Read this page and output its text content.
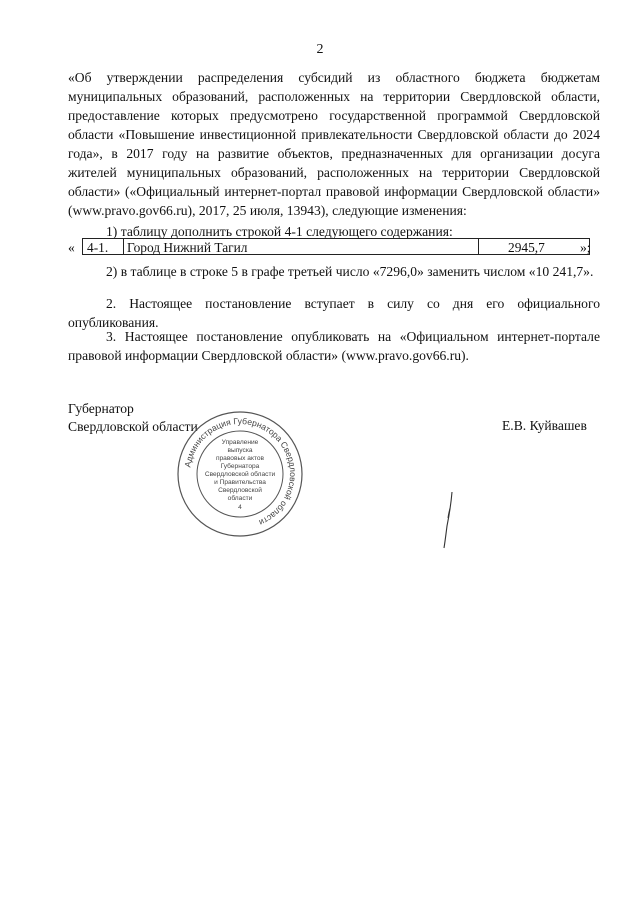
2
«Об утверждении распределения субсидий из областного бюджета бюджетам муниципальных образований, расположенных на территории Свердловской области, предоставление которых предусмотрено государственной программой Свердловской области «Повышение инвестиционной привлекательности Свердловской области до 2024 года», в 2017 году на развитие объектов, предназначенных для организации досуга жителей муниципальных образований, расположенных на территории Свердловской области» («Официальный интернет-портал правовой информации Свердловской области» (www.pravo.gov66.ru), 2017, 25 июля, 13943), следующие изменения:
1) таблицу дополнить строкой 4-1 следующего содержания:
« 4-1.	Город Нижний Тагил	2945,7	»;
2) в таблице в строке 5 в графе третьей число «7296,0» заменить числом «10 241,7».
2. Настоящее постановление вступает в силу со дня его официального опубликования.
3. Настоящее постановление опубликовать на «Официальном интернет-портале правовой информации Свердловской области» (www.pravo.gov66.ru).
Губернатор
Свердловской области	Е.В. Куйвашев
Администрация Губернатора Свердловской области
Управление
выпуска
правовых актов
Губернатора
Свердловской области
и Правительства
Свердловской
области
4
